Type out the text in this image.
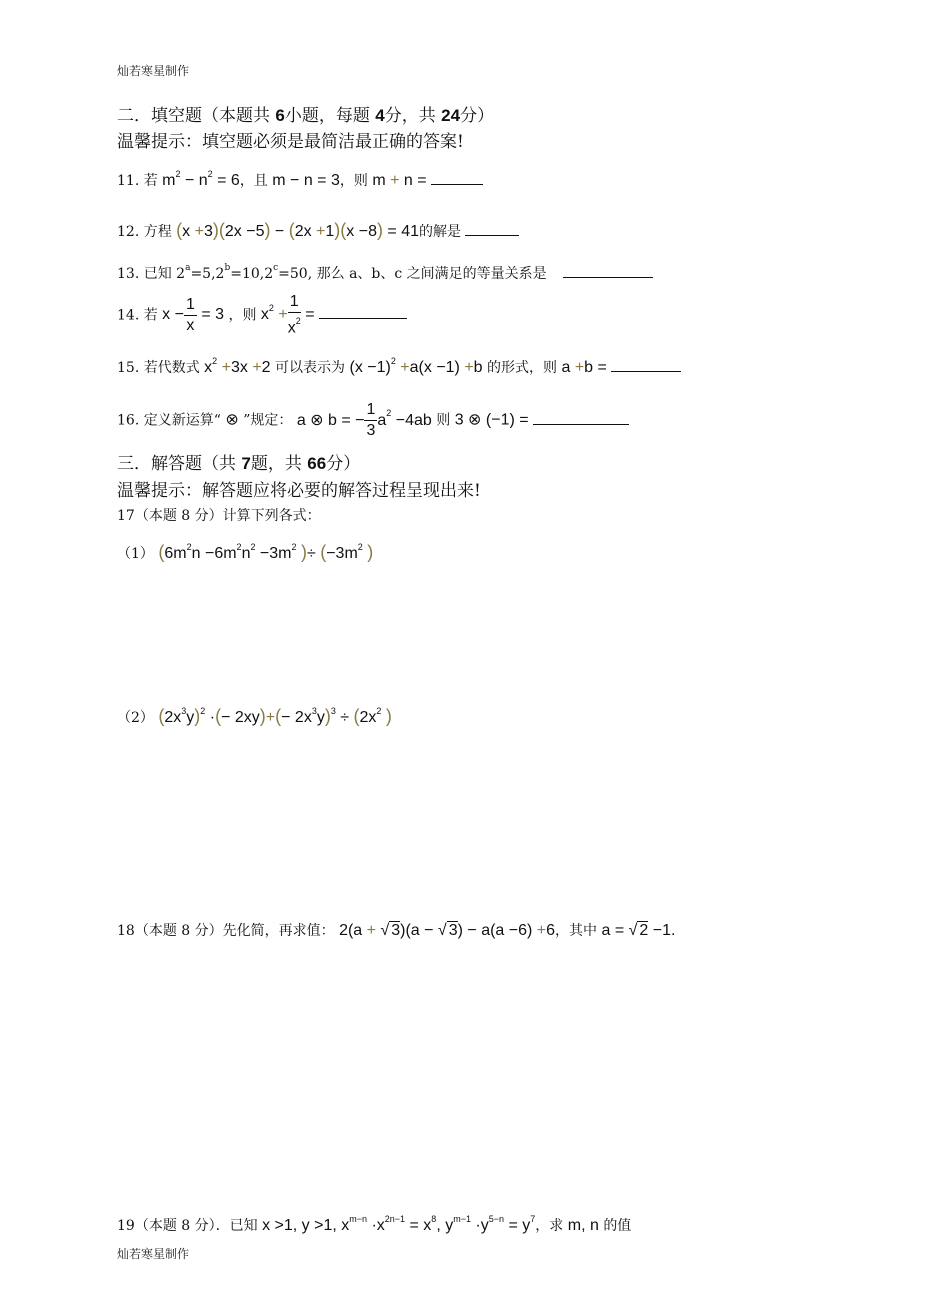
灿若寒星制作
二．填空题（本题共 6小题，每题 4分，共 24分）
温馨提示：填空题必须是最简洁最正确的答案!
11. 若 $m^2 - n^2 = 6$，且 m − n = 3，则 m + n =
12. 方程 (x +3)(2x −5) − (2x +1)(x −8) = 41的解是
13. 已知 $2^a=5,2^b=10,2^c=50$, 那么 a、b、c 之间满足的等量关系是
14. 若 $x - \frac{1}{x} = 3$ ，则 $x^2 + \frac{1}{x^2}$ =
15. 若代数式 $x^2 +3x +2$ 可以表示为 $(x -1)^2 +a(x -1) +b$ 的形式，则 a +b =
16. 定义新运算“ ⊗ ”规定： a ⊗ b = − $\frac{1}{3} a^2 -4ab$ 则 3 ⊗ (−1) =
三．解答题（共 7题，共 66分）
温馨提示：解答题应将必要的解答过程呈现出来!
17（本题 8 分）计算下列各式：
（1） ($6m^2n -6m^2n^2 -3m^2$ )÷ ($-3m^2$ )
（2） $(2x^3y)^2$ ·(− $2xy)+(- 2x^3y)^3 \div (2x^2$ )
18（本题 8 分）先化简，再求值： 2(a + √ 3)(a − √ 3) − a(a −6) +6，其中 a = √ 2 −1.
19（本题 8 分）．已知 x >1, y >1, $x^{m-n} \cdot x^{2n-1} = x^8$, $y^{m-1} \cdot y^{5-n} = y^7$，求 m, n 的值
灿若寒星制作
